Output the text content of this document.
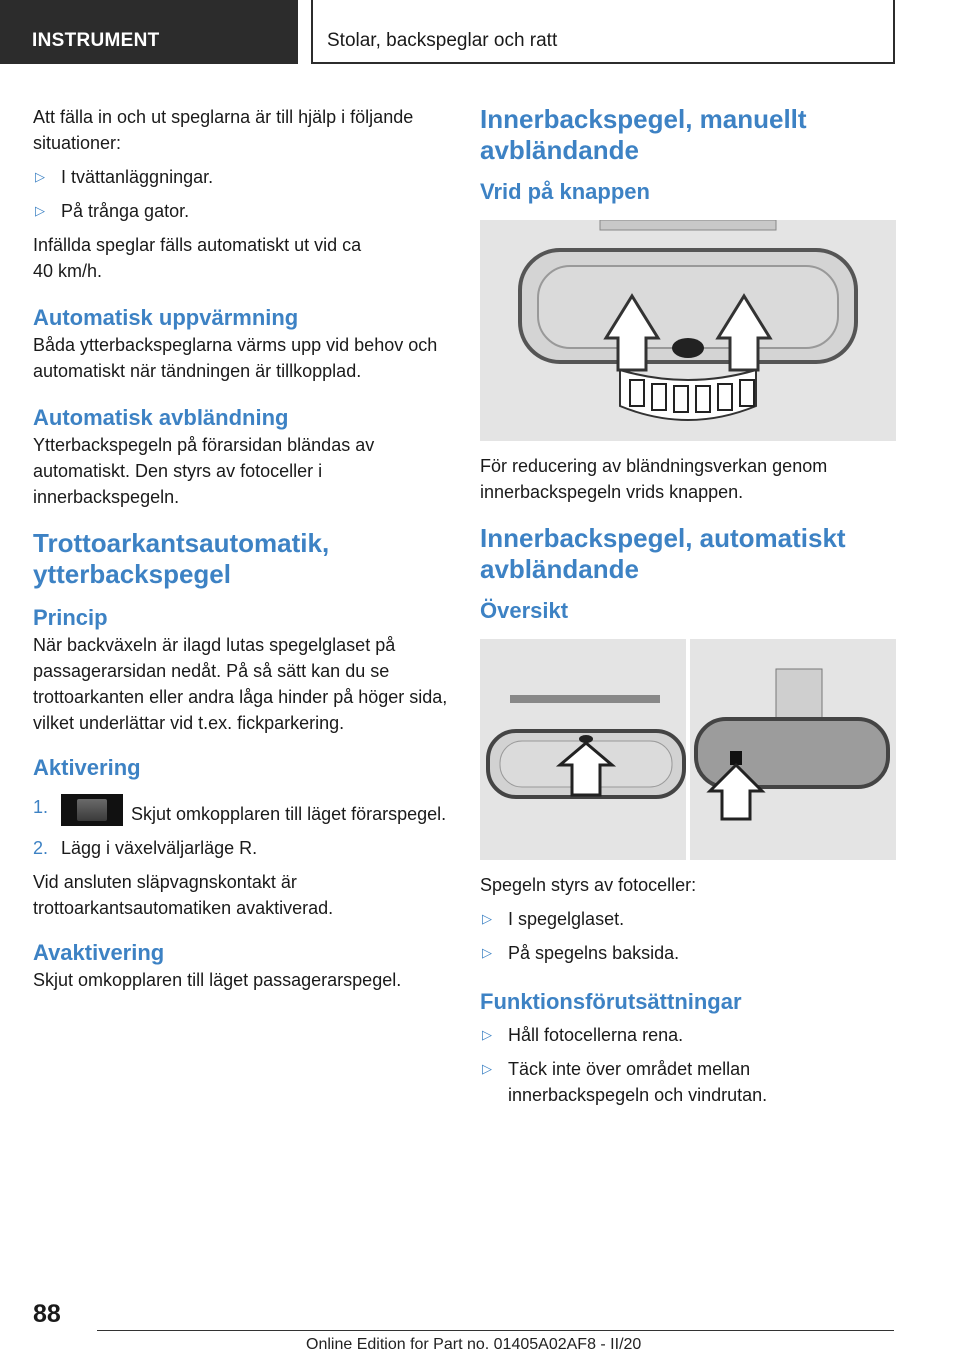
INSTRUMENT	Stolar, backspeglar och ratt

Att fälla in och ut speglarna är till hjälp i följande situationer:

▷ I tvättanläggningar.
▷ På trånga gator.

Infällda speglar fälls automatiskt ut vid ca 40 km/h.

Automatisk uppvärmning

Båda ytterbackspeglarna värms upp vid behov och automatiskt när tändningen är tillkopplad.

Automatisk avbländning

Ytterbackspegeln på förarsidan bländas av automatiskt. Den styrs av fotoceller i innerbackspegeln.

Trottoarkantsautomatik, ytterbackspegel
Princip

När backväxeln är ilagd lutas spegelglaset på passagerarsidan nedåt. På så sätt kan du se trottoarkanten eller andra låga hinder på höger sida, vilket underlättar vid t.ex. fickparkering.

Aktivering
1.	Skjut omkopplaren till läget förarspegel.
2. Lägg i växelväljarläge R.

Vid ansluten släpvagnskontakt är trottoarkantsautomatiken avaktiverad.

Avaktivering

Skjut omkopplaren till läget passagerarspegel.

Innerbackspegel, manuellt avbländande
Vrid på knappen

För reducering av bländningsverkan genom innerbackspegeln vrids knappen.

Innerbackspegel, automatiskt avbländande
Översikt

Spegeln styrs av fotoceller:

▷ I spegelglaset.
▷ På spegelns baksida.
Funktionsförutsättningar
▷ Håll fotocellerna rena.
▷ Täck inte över området mellan innerbackspegeln och vindrutan.
88
Online Edition for Part no. 01405A02AF8 - II/20
